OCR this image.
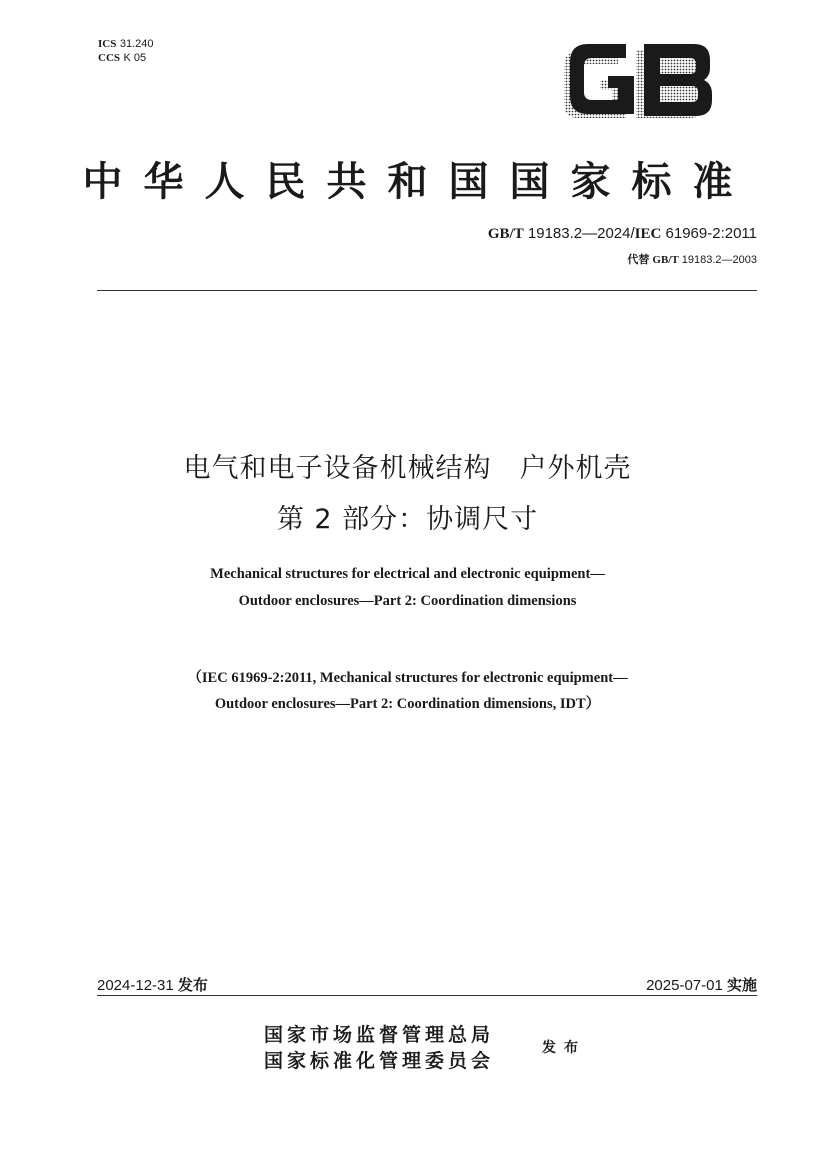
ICS 31.240
CCS K 05
中华人民共和国国家标准
GB/T 19183.2—2024/IEC 61969-2:2011
代替 GB/T 19183.2—2003
电气和电子设备机械结构　户外机壳
第 2 部分：协调尺寸
Mechanical structures for electrical and electronic equipment—
Outdoor enclosures—Part 2: Coordination dimensions
（IEC 61969-2:2011, Mechanical structures for electronic equipment—
Outdoor enclosures—Part 2: Coordination dimensions, IDT）
2024-12-31 发布	2025-07-01 实施
国家市场监督管理总局
国家标准化管理委员会
发布
